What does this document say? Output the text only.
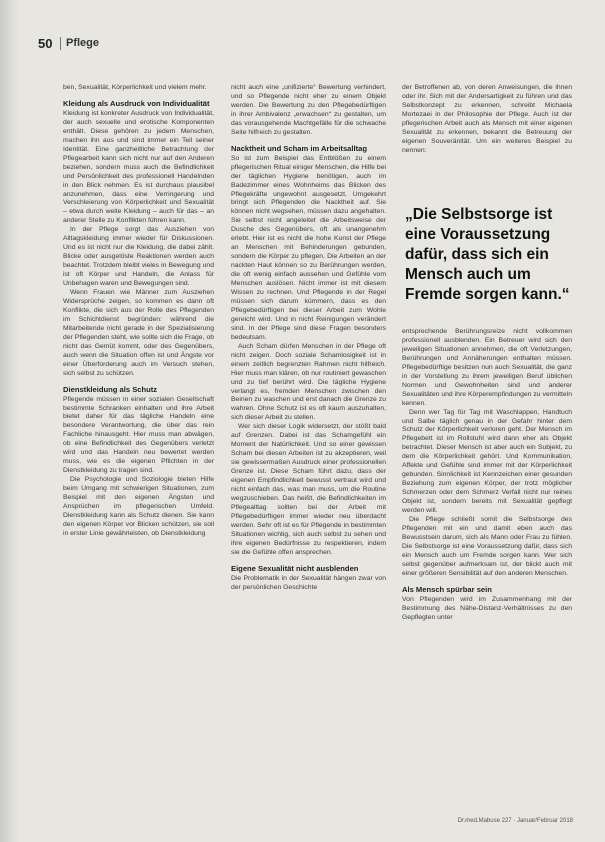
50 Pflege

ben, Sexualität, Körperlichkeit und vielem mehr.

Kleidung als Ausdruck von Individualität

Kleidung ist konkreter Ausdruck von Individualität, der auch sexuelle und erotische Komponenten enthält. Diese gehören zu jedem Menschen, machen ihn aus und sind immer ein Teil seiner Identität. Eine ganzheitliche Betrachtung der Pflegearbeit kann sich nicht nur auf den Anderen beziehen, sondern muss auch die Befindlichkeit und Persönlichkeit des professionell Handelnden in den Blick nehmen. Es ist durchaus plausibel anzunehmen, dass eine Verringerung und Verschleierung von Körperlichkeit und Sexualität – etwa durch weite Kleidung – auch für das – an anderer Stelle zu Konflikten führen kann.

In der Pflege sorgt das Ausziehen von Alltagskleidung immer wieder für Diskussionen. Und es ist nicht nur die Kleidung, die dabei zählt. Blicke oder ausgelöste Reaktionen werden auch beachtet. Trotzdem bleibt vieles in Bewegung und ist oft Körper und Handeln, die Anlass für Unbehagen waren und Bewegungen sind.

Wenn Frauen wie Männer zum Ausziehen Widersprüche zeigen, so kommen es dann oft Konflikte, die sich aus der Rolle des Pflegenden im Schichtdienst begründen: während die Mitarbeitende nicht gerade in der Spezialisierung der Pflegenden steht, wie sollte sich die Frage, ob nicht das Gemüt kommt, oder des Gegenübers, auch wenn die Situation offen ist und Ängste vor einer Überforderung auch im Versuch stehen, sich selbst zu schützen.

Dienstkleidung als Schutz

Pflegende müssen in einer sozialen Gesellschaft bestimmte Schranken einhalten und ihre Arbeit bietet daher für das tägliche Handeln eine besondere Verantwortung, die über das rein Fachliche hinausgeht. Hier muss man abwägen, ob eine Befindlichkeit des Gegenübers verletzt wird und das Handeln neu bewertet werden muss, wie es die eigenen Pflichten in der Dienstkleidung zu tragen sind.

Die Psychologie und Soziologie bieten Hilfe beim Umgang mit schwierigen Situationen, zum Beispiel mit den eigenen Ängsten und Ansprüchen im pflegerischen Umfeld. Dienstkleidung kann als Schutz dienen. Sie kann den eigenen Körper vor Blicken schützen, sie soll in erster Linie gewährleisten, ob Dienstkleidung

nicht auch eine „unifizierte“ Bewertung verhindert, und so Pflegende nicht eher zu einem Objekt werden. Die Bewertung zu den Pflegebedürftigen in ihrer Ambivalenz „erwachsen“ zu gestalten, um das vorausgehende Machtgefälle für die schwache Seite hilfreich zu gestalten.

Nacktheit und Scham im Arbeitsalltag

So ist zum Beispiel das Entblößen zu einem pflegerischen Ritual einiger Menschen, die Hilfe bei der täglichen Hygiene benötigen, auch im Badezimmer eines Wohnheims das Blicken des Pflegekräfte ungewohnt ausgesetzt. Umgekehrt bringt sich Pflegenden die Nacktheit auf. Sie können nicht wegsehen, müssen dazu angehalten. Sie selbst nicht angeleitet die Arbeitsweise der Dusche des Gegenübers, oft als unangenehm erlebt. Hier ist es nicht die hohe Kunst der Pflege an Menschen mit Behinderungen gebunden, sondern die Körper zu pflegen. Die Arbeiten an der nackten Haut können so zu Berührungen werden, die oft wenig einfach aussehen und Gefühle vom Menschen auslösen. Nicht immer ist mit diesem Wissen zu rechnen. Und Pflegende in der Regel müssen sich darum kümmern, dass es den Pflegebedürftigen bei dieser Arbeit zum Wohle gereicht wird. Und in nicht Reinigungen verändert sind. In der Pflege sind diese Fragen besonders bedeutsam.

Auch Scham dürfen Menschen in der Pflege oft nicht zeigen. Doch soziale Schamlosigkeit ist in einem zeitlich begrenzten Rahmen nicht hilfreich. Hier muss man klären, ob nur routiniert gewaschen und zu tief berührt wird. Die tägliche Hygiene verlangt es, fremden Menschen zwischen den Beinen zu waschen und erst danach die Grenze zu wahren. Ohne Schutz ist es oft kaum auszuhalten, sich dieser Arbeit zu stellen.

Wer sich dieser Logik widersetzt, der stößt bald auf Grenzen. Dabei ist das Schamgefühl ein Moment der Natürlichkeit. Und so einer gewissen Scham bei diesen Arbeiten ist zu akzeptieren, weil sie gewissermaßen Ausdruck einer professionellen Grenze ist. Diese Scham führt dazu, dass der eigenen Empfindlichkeit bewusst vertraut wird und nicht einfach das, was man muss, um die Routine wegzuschieben. Das heißt, die Befindlichkeiten im Pflegealltag sollten bei der Arbeit mit Pflegebedürftigen immer wieder neu überdacht werden. Sehr oft ist es für Pflegende in bestimmten Situationen wichtig, sich auch selbst zu sehen und ihre eigenen Bedürfnisse zu respektieren, indem sie die Gefühle offen ansprechen.

Eigene Sexualität nicht ausblenden

Die Problematik in der Sexualität hängen zwar von der persönlichen Geschichte

der Betroffenen ab, von deren Anweisungen, die ihnen oder ihr. Sich mit der Andersartigkeit zu führen und das Selbstkonzept zu erkennen, schreibt Michaela Mortezaei in der Philosophie der Pflege. Auch ist der pflegerischen Arbeit auch als Mensch mit einer eigenen Sexualität zu erkennen, bekannt die Betreuung der eigenen Souveränität. Um ein weiteres Beispiel zu nennen:

„Die Selbstsorge ist eine Voraussetzung dafür, dass sich ein Mensch auch um Fremde sorgen kann.“

entsprechende Berührungsreize nicht vollkommen professionell ausblenden. Ein Betreuer wird sich den jeweiligen Situationen annehmen, die oft Verletzungen, Berührungen und Annäherungen enthalten müssen. Pflegebedürftige besitzen nun auch Sexualität, die ganz in der Vorstellung zu ihrem jeweiligen Beruf üblichen Normen und Gewohnheiten sind und anderer Sexualitäten und ihre Körperempfindungen zu vermitteln kennen.

Denn wer Tag für Tag mit Waschlappen, Handtuch und Salbe täglich genau in der Gefahr hinter dem Schutz der Körperlichkeit verloren geht. Der Mensch im Pflegebett ist im Rollstuhl wird dann eher als Objekt betrachtet. Dieser Mensch ist aber auch ein Subjekt, zu dem die Körperlichkeit gehört. Und Kommunikation, Affekte und Gefühle sind immer mit der Körperlichkeit gebunden. Sinnlichkeit ist Kennzeichen einer gesunden Beziehung zum eigenen Körper, der trotz möglicher Schmerzen oder dem Schmerz Verfall nicht nur reines Objekt ist, sondern bereits mit Sexualität gepflegt werden will.

Die Pflege schließt somit die Selbstsorge des Pflegenden mit ein und damit eben auch das Bewusstsein darum, sich als Mann oder Frau zu fühlen. Die Selbstsorge ist eine Voraussetzung dafür, dass sich ein Mensch auch um Fremde sorgen kann. Wer sich selbst gegenüber aufmerksam ist, der blickt auch mit einer größeren Sensibilität auf den anderen Menschen.

Als Mensch spürbar sein

Von Pflegenden wird im Zusammenhang mit der Bestimmung des Nähe-Distanz-Verhältnisses zu den Gepflegten unter

Dr.med.Mabuse 227 · Januar/Februar 2018
